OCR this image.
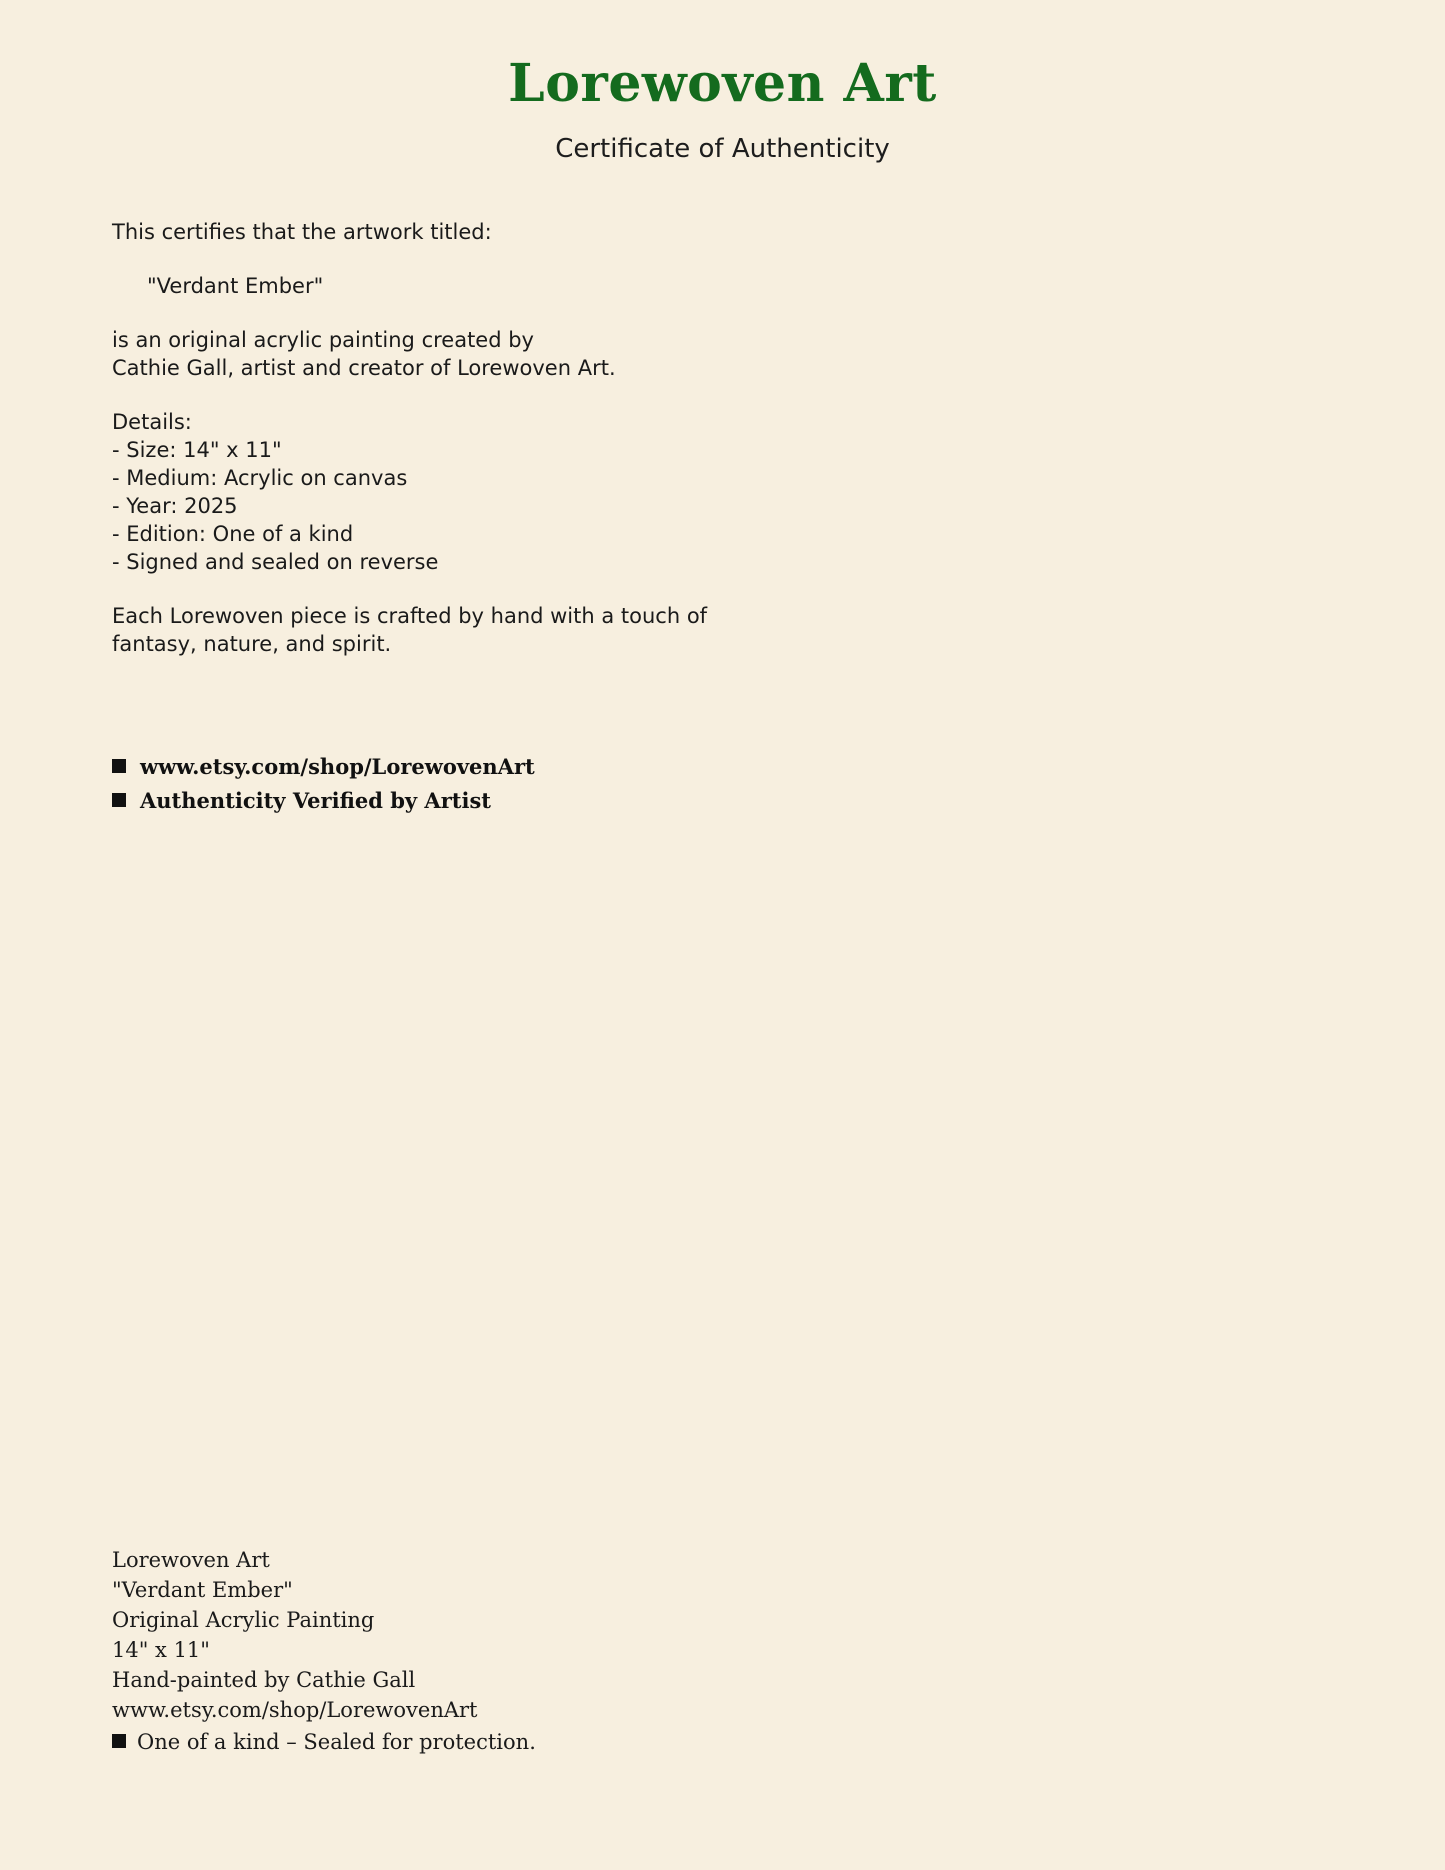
Lorewoven Art
Certificate of Authenticity

This certifies that the artwork titled:

"Verdant Ember"

is an original acrylic painting created by
Cathie Gall, artist and creator of Lorewoven Art.

Details:

- Size: 14" x 11"
- Medium: Acrylic on canvas
- Year: 2025
- Edition: One of a kind
- Signed and sealed on reverse

Each Lorewoven piece is crafted by hand with a touch of
fantasy, nature, and spirit.

www.etsy.com/shop/LorewovenArt
Authenticity Verified by Artist
Lorewoven Art
"Verdant Ember"
Original Acrylic Painting
14" x 11"
Hand-painted by Cathie Gall
www.etsy.com/shop/LorewovenArt
One of a kind – Sealed for protection.
